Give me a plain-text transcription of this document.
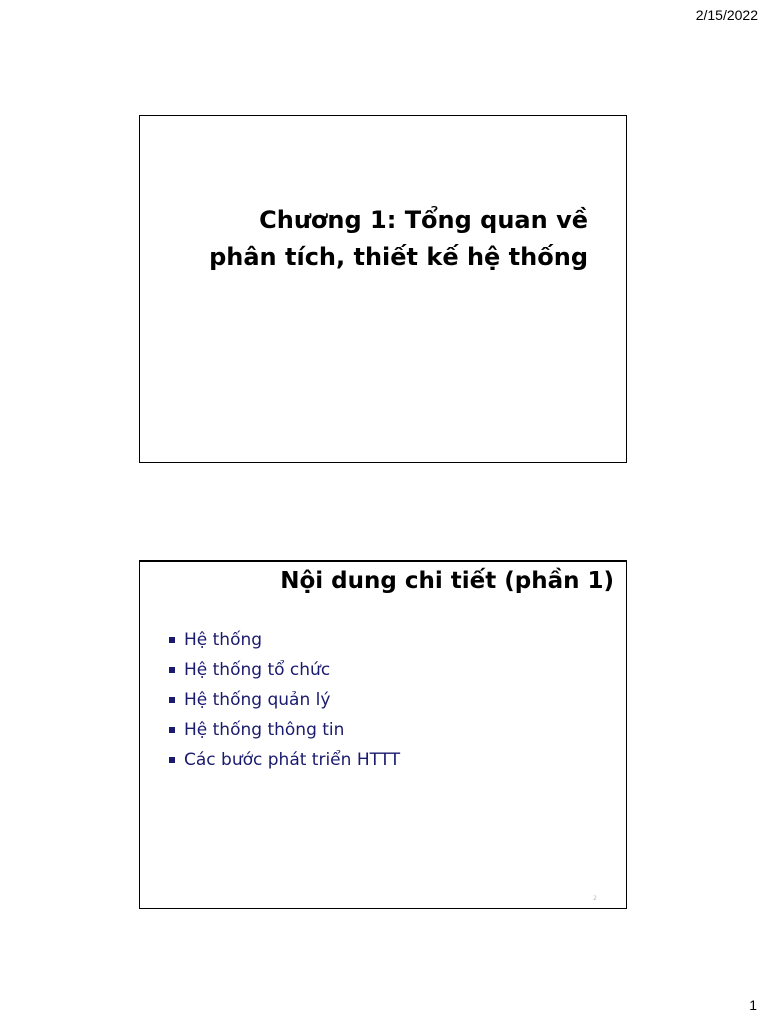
2/15/2022
Chương 1: Tổng quan về
phân tích, thiết kế hệ thống
Nội dung chi tiết (phần 1)
Hệ thống
Hệ thống tổ chức
Hệ thống quản lý
Hệ thống thông tin
Các bước phát triển HTTT
2
1
